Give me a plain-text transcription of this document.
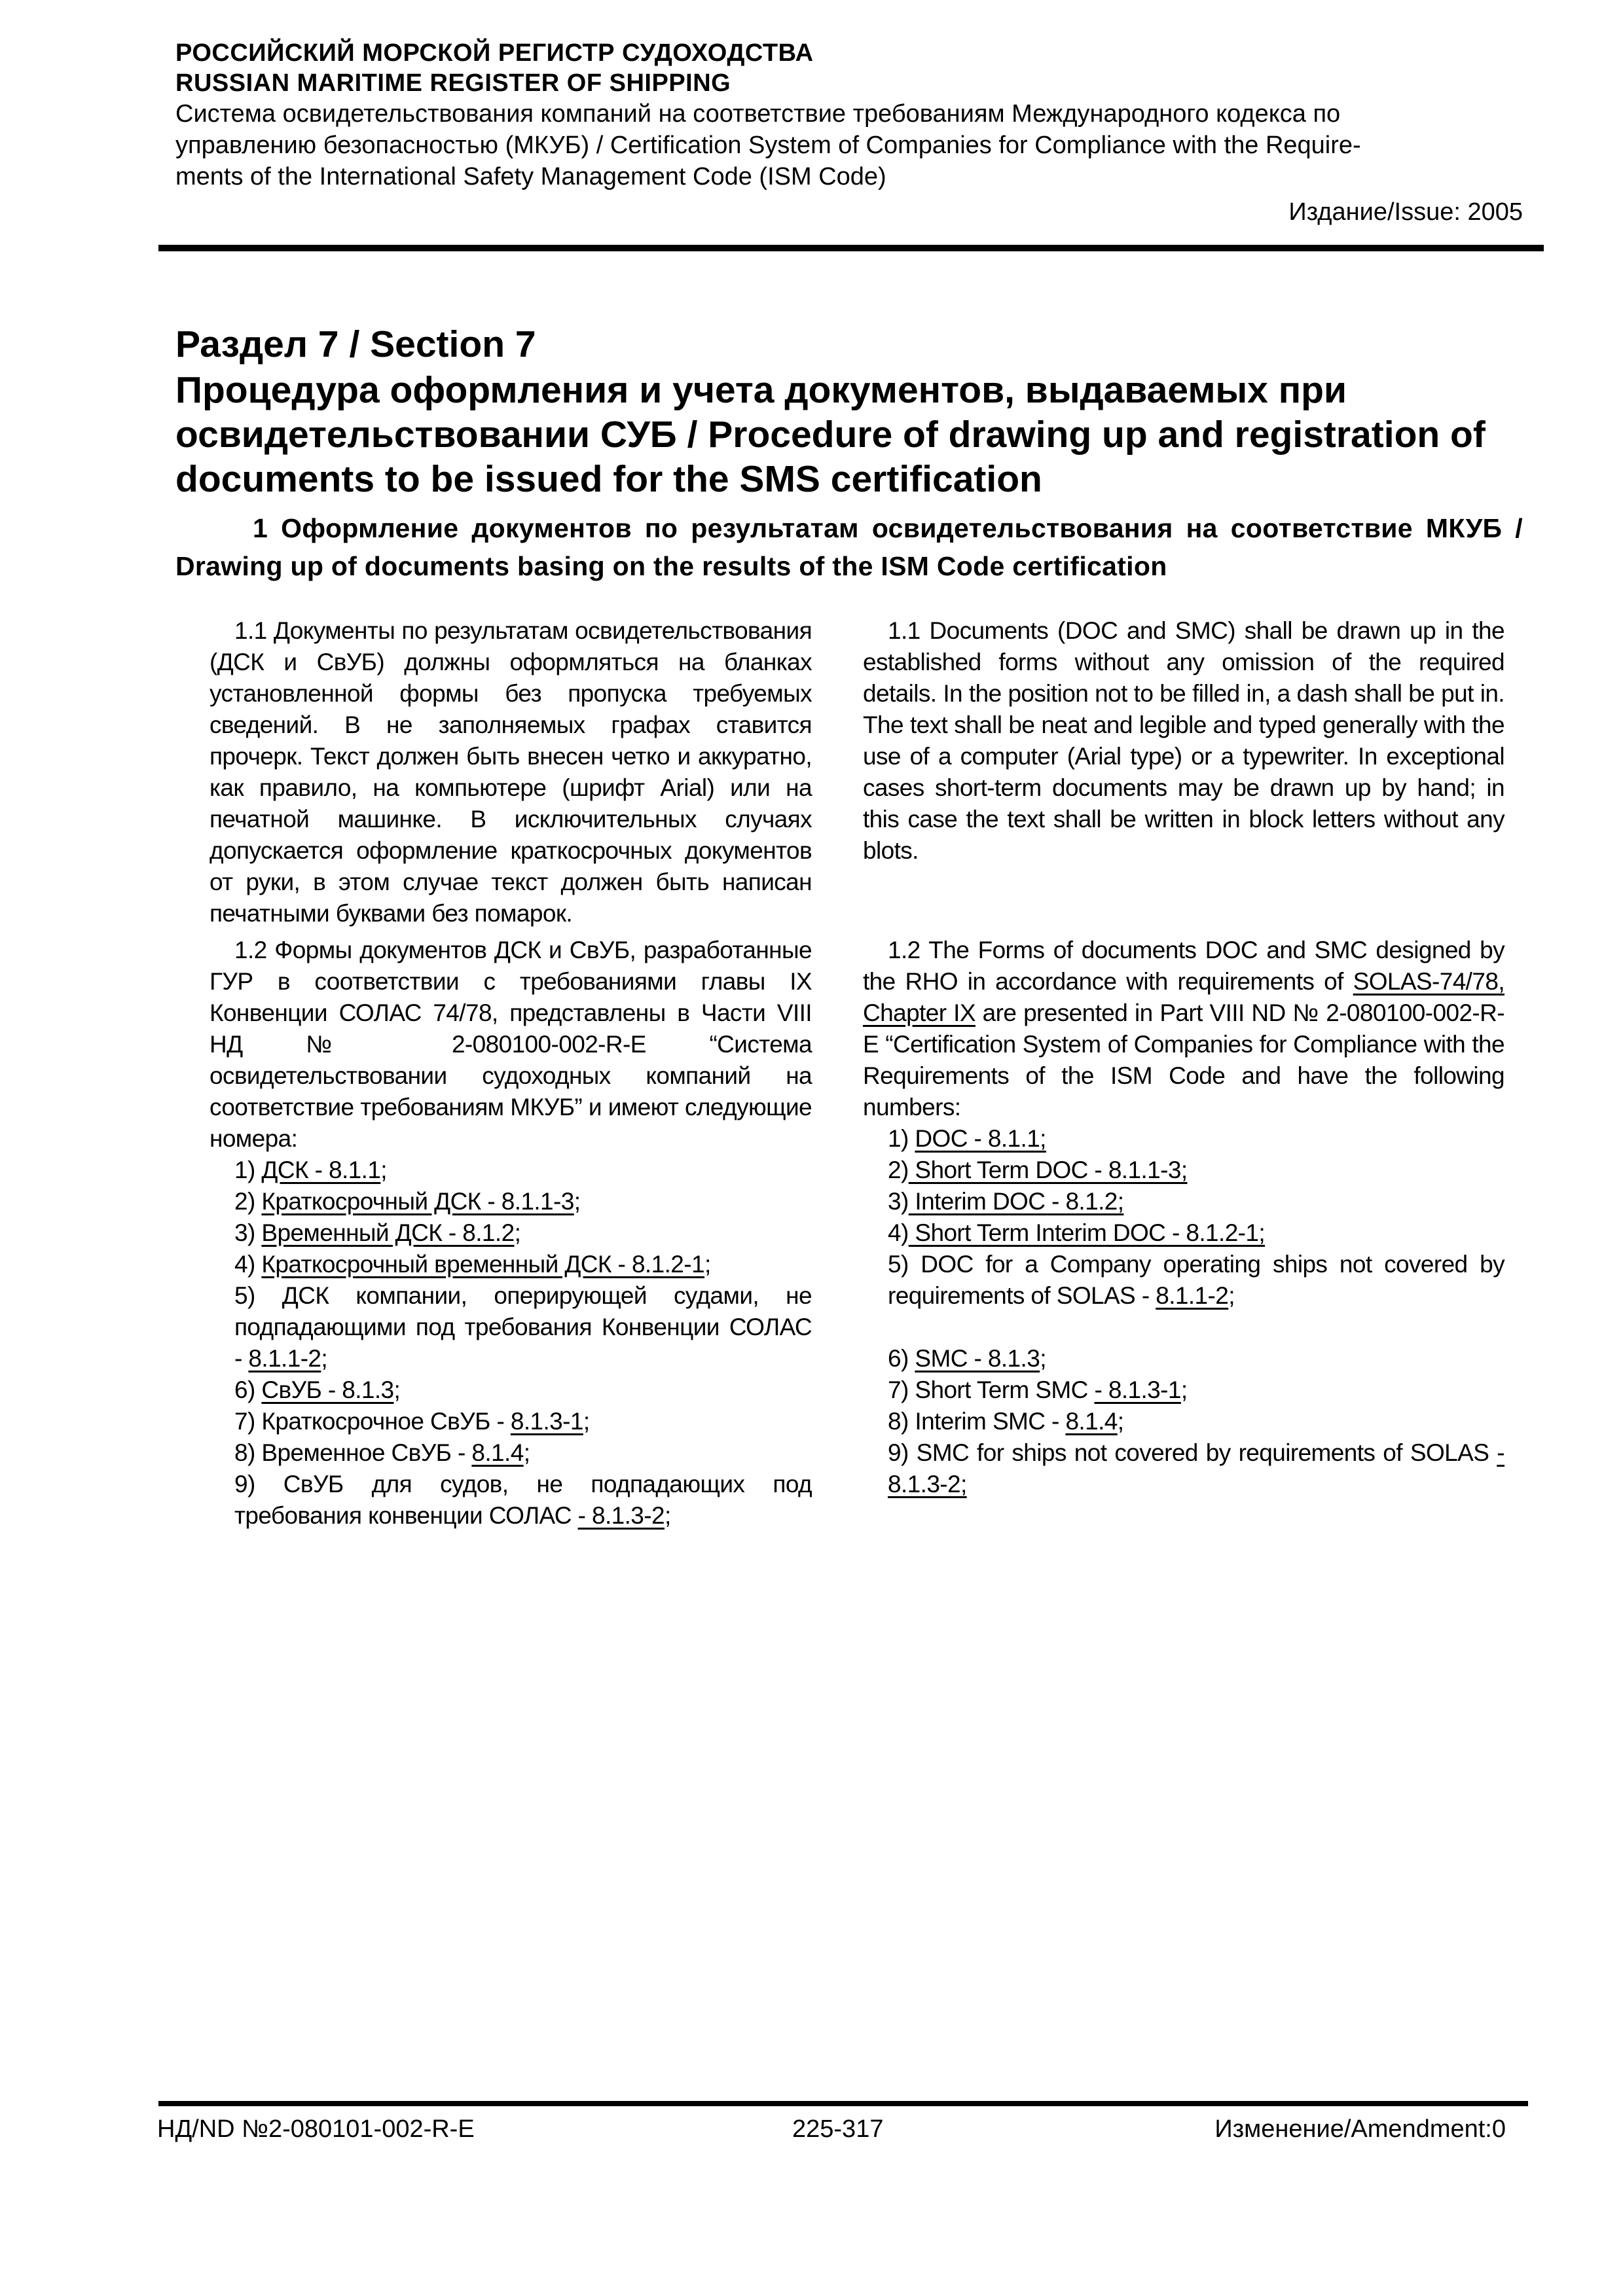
РОССИЙСКИЙ МОРСКОЙ РЕГИСТР СУДОХОДСТВА

RUSSIAN MARITIME REGISTER OF SHIPPING

Система освидетельствования компаний на соответствие требованиям Международного кодекса по

управлению безопасностью (МКУБ) / Certification System of Companies for Compliance with the Require-

ments of the International Safety Management Code (ISM Code)

Издание/Issue: 2005

Раздел 7 / Section 7

Процедура оформления и учета документов, выдаваемых при освидетельствовании СУБ / Procedure of drawing up and registration of documents to be issued for the SMS certification

1 Оформление документов по результатам освидетельствования на соответствие МКУБ / Drawing up of documents basing on the results of the ISM Code certification

1.1 Документы по результатам освидетельствования (ДСК и СвУБ) должны оформляться на бланках установленной формы без пропуска требуемых сведений. В не заполняемых графах ставится прочерк. Текст должен быть внесен четко и аккуратно, как правило, на компьютере (шрифт Arial) или на печатной машинке. В исключительных случаях допускается оформление краткосрочных документов от руки, в этом случае текст должен быть написан печатными буквами без помарок.

1.2 Формы документов ДСК и СвУБ, разработанные ГУР в соответствии с требованиями главы IX Конвенции СОЛАС 74/78, представлены в Части VIII НД № 2-080100-002-R-E “Система освидетельствовании судоходных компаний на соответствие требованиям МКУБ” и имеют следующие номера:

1) ДСК - 8.1.1;
2) Краткосрочный ДСК - 8.1.1-3;
3) Временный ДСК - 8.1.2;
4) Краткосрочный временный ДСК - 8.1.2-1;
5) ДСК компании, оперирующей судами, не подпадающими под требования Конвенции СОЛАС - 8.1.1-2;
6) СвУБ - 8.1.3;
7) Краткосрочное СвУБ - 8.1.3-1;
8) Временное СвУБ - 8.1.4;
9) СвУБ для судов, не подпадающих под требования конвенции СОЛАС - 8.1.3-2;

1.1 Documents (DOC and SMC) shall be drawn up in the established forms without any omission of the required details. In the position not to be filled in, a dash shall be put in. The text shall be neat and legible and typed generally with the use of a computer (Arial type) or a typewriter. In exceptional cases short-term documents may be drawn up by hand; in this case the text shall be written in block letters without any blots.

1.2 The Forms of documents DOC and SMC designed by the RHO in accordance with requirements of SOLAS-74/78, Chapter IX are presented in Part VIII ND № 2-080100-002-R-E “Certification System of Companies for Compliance with the Requirements of the ISM Code and have the following numbers:

1) DOC - 8.1.1;
2) Short Term DOC - 8.1.1-3;
3) Interim DOC - 8.1.2;
4) Short Term Interim DOC - 8.1.2-1;
5) DOC for a Company operating ships not covered by requirements of SOLAS - 8.1.1-2;

6) SMC - 8.1.3;
7) Short Term SMC - 8.1.3-1;
8) Interim SMC - 8.1.4;
9) SMC for ships not covered by requirements of SOLAS - 8.1.3-2;
НД/ND №2-080101-002-R-E	225-317	Изменение/Amendment:0
